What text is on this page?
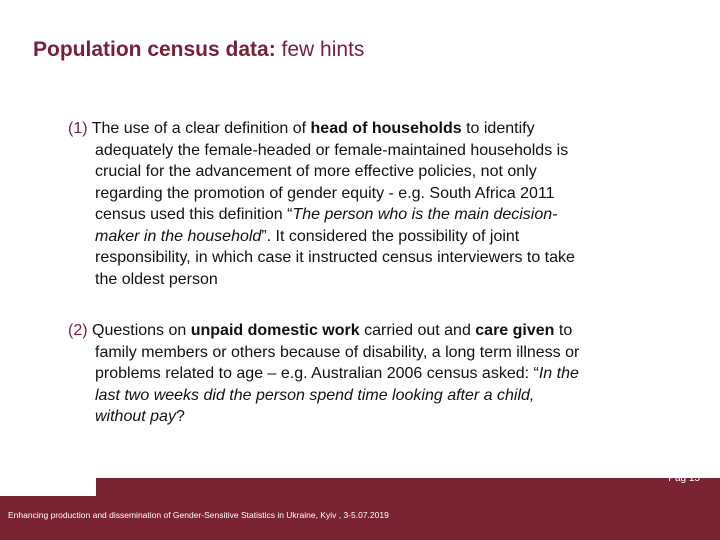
Population census data: few hints
(1) The use of a clear definition of head of households to identify
adequately the female-headed or female-maintained households is
crucial for the advancement of more effective policies, not only
regarding the promotion of gender equity - e.g. South Africa 2011
census used this definition “The person who is the main decision-
maker in the household”. It considered the possibility of joint
responsibility, in which case it instructed census interviewers to take
the oldest person
(2) Questions on unpaid domestic work carried out and care given to
family members or others because of disability, a long term illness or
problems related to age – e.g. Australian 2006 census asked: “In the
last two weeks did the person spend time looking after a child,
without pay?
Enhancing production and dissemination of Gender-Sensitive Statistics in Ukraine, Kyiv , 3-5.07.2019
Pag 13
